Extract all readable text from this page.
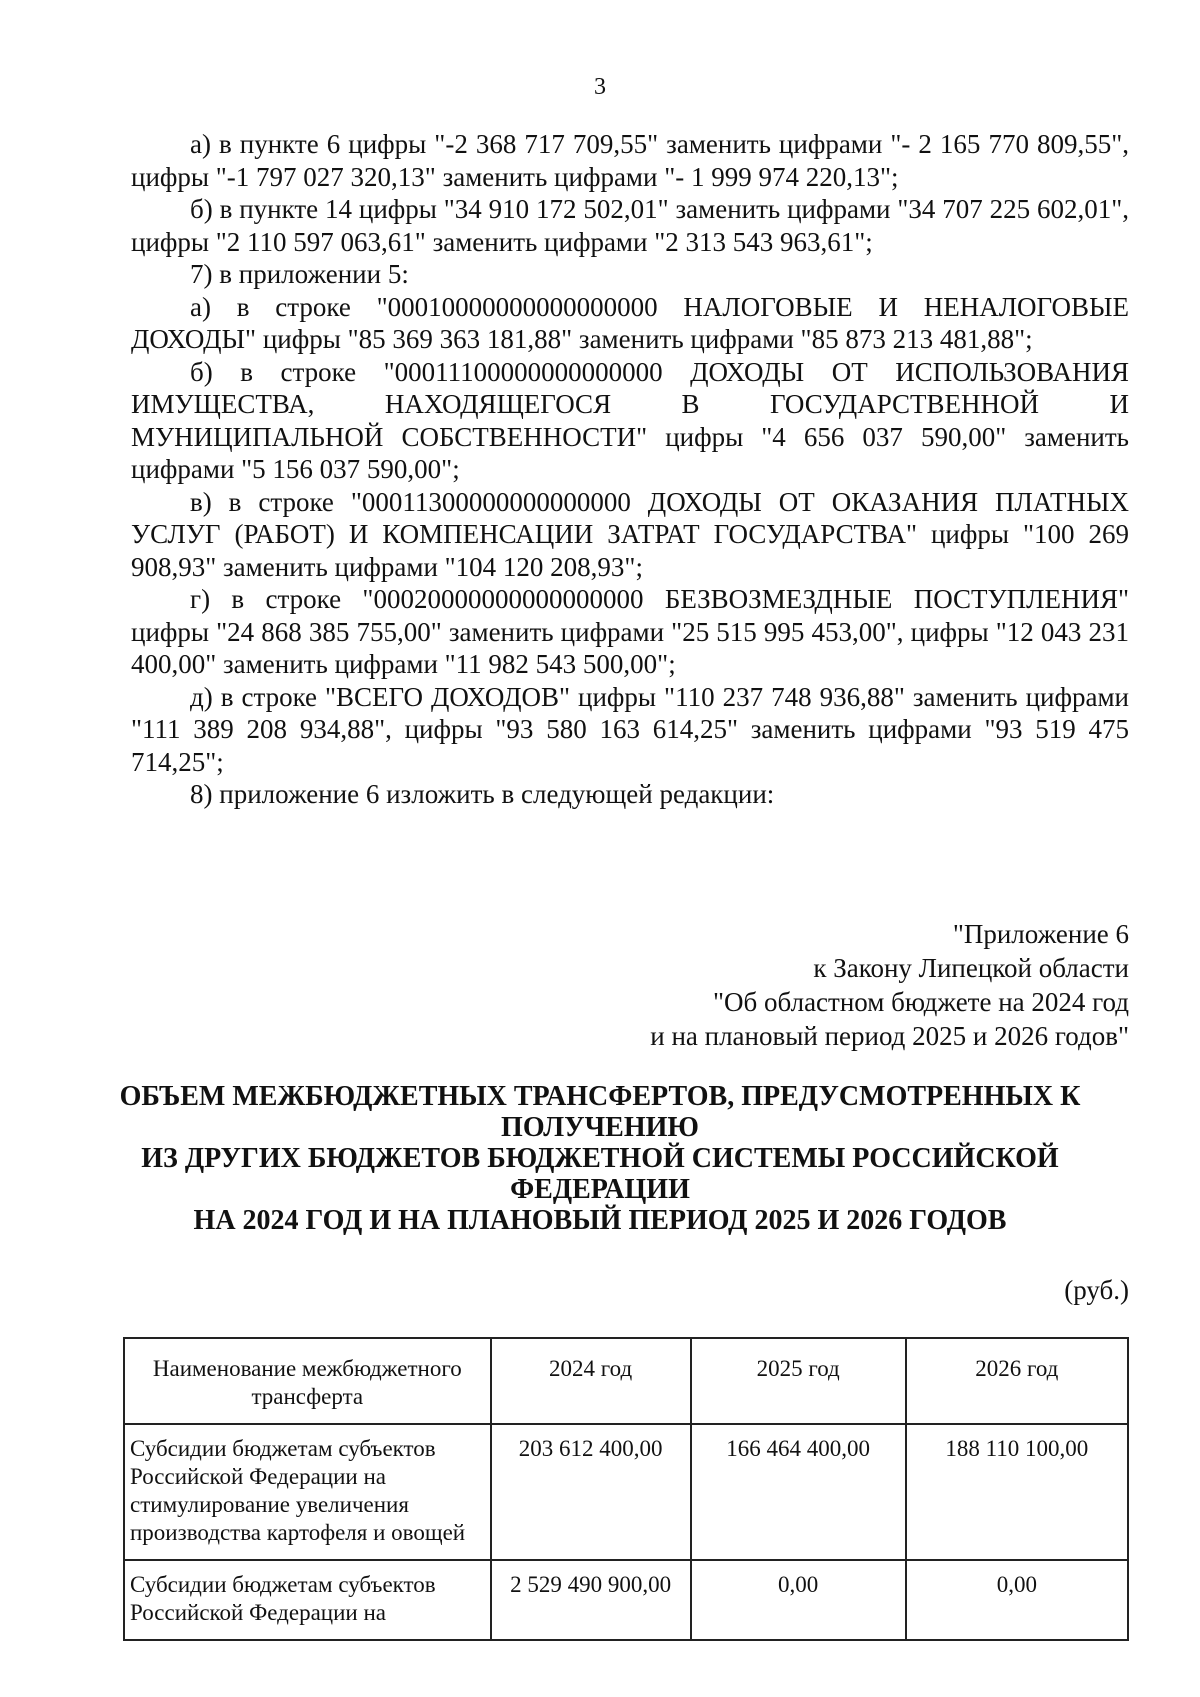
3

а) в пункте 6 цифры "-2 368 717 709,55" заменить цифрами "- 2 165 770 809,55", цифры "-1 797 027 320,13" заменить цифрами "- 1 999 974 220,13";

б) в пункте 14 цифры "34 910 172 502,01" заменить цифрами "34 707 225 602,01", цифры "2 110 597 063,61" заменить цифрами "2 313 543 963,61";

7) в приложении 5:

а) в строке "00010000000000000000 НАЛОГОВЫЕ И НЕНАЛОГОВЫЕ ДОХОДЫ" цифры "85 369 363 181,88" заменить цифрами "85 873 213 481,88";

б) в строке "00011100000000000000 ДОХОДЫ ОТ ИСПОЛЬЗОВАНИЯ ИМУЩЕСТВА, НАХОДЯЩЕГОСЯ В ГОСУДАРСТВЕННОЙ И МУНИЦИПАЛЬНОЙ СОБСТВЕННОСТИ" цифры "4 656 037 590,00" заменить цифрами "5 156 037 590,00";

в) в строке "00011300000000000000 ДОХОДЫ ОТ ОКАЗАНИЯ ПЛАТНЫХ УСЛУГ (РАБОТ) И КОМПЕНСАЦИИ ЗАТРАТ ГОСУДАРСТВА" цифры "100 269 908,93" заменить цифрами "104 120 208,93";

г) в строке "00020000000000000000 БЕЗВОЗМЕЗДНЫЕ ПОСТУПЛЕНИЯ" цифры "24 868 385 755,00" заменить цифрами "25 515 995 453,00", цифры "12 043 231 400,00" заменить цифрами "11 982 543 500,00";

д) в строке "ВСЕГО ДОХОДОВ" цифры "110 237 748 936,88" заменить цифрами "111 389 208 934,88", цифры "93 580 163 614,25" заменить цифрами "93 519 475 714,25";

8) приложение 6 изложить в следующей редакции:

"Приложение 6
к Закону Липецкой области
"Об областном бюджете на 2024 год
и на плановый период 2025 и 2026 годов"
ОБЪЕМ МЕЖБЮДЖЕТНЫХ ТРАНСФЕРТОВ, ПРЕДУСМОТРЕННЫХ К
ПОЛУЧЕНИЮ
ИЗ ДРУГИХ БЮДЖЕТОВ БЮДЖЕТНОЙ СИСТЕМЫ РОССИЙСКОЙ
ФЕДЕРАЦИИ
НА 2024 ГОД И НА ПЛАНОВЫЙ ПЕРИОД 2025 И 2026 ГОДОВ
(руб.)
Наименование межбюджетного трансферта	2024 год	2025 год	2026 год
Субсидии бюджетам субъектов Российской Федерации на стимулирование увеличения производства картофеля и овощей	203 612 400,00	166 464 400,00	188 110 100,00
Субсидии бюджетам субъектов Российской Федерации на	2 529 490 900,00	0,00	0,00
